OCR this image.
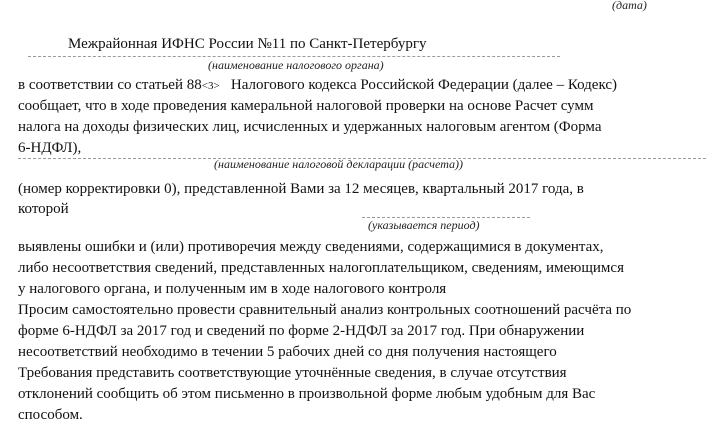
(дата)
Межрайонная ИФНС России №11 по Санкт-Петербургу
(наименование налогового органа)
в соответствии со статьей 88<3> Налогового кодекса Российской Федерации (далее – Кодекс)
сообщает, что в ходе проведения камеральной налоговой проверки на основе Расчет сумм
налога на доходы физических лиц, исчисленных и удержанных налоговым агентом (Форма
6-НДФЛ),
(наименование налоговой декларации (расчета))
(номер корректировки 0), представленной Вами за 12 месяцев, квартальный 2017 года, в
которой
(указывается период)
выявлены ошибки и (или) противоречия между сведениями, содержащимися в документах,
либо несоответствия сведений, представленных налогоплательщиком, сведениям, имеющимся
у налогового органа, и полученным им в ходе налогового контроля
Просим самостоятельно провести сравнительный анализ контрольных соотношений расчёта по
форме 6-НДФЛ за 2017 год и сведений по форме 2-НДФЛ за 2017 год. При обнаружении
несоответствий необходимо в течении 5 рабочих дней со дня получения настоящего
Требования представить соответствующие уточнённые сведения, в случае отсутствия
отклонений сообщить об этом письменно в произвольной форме любым удобным для Вас
способом.
